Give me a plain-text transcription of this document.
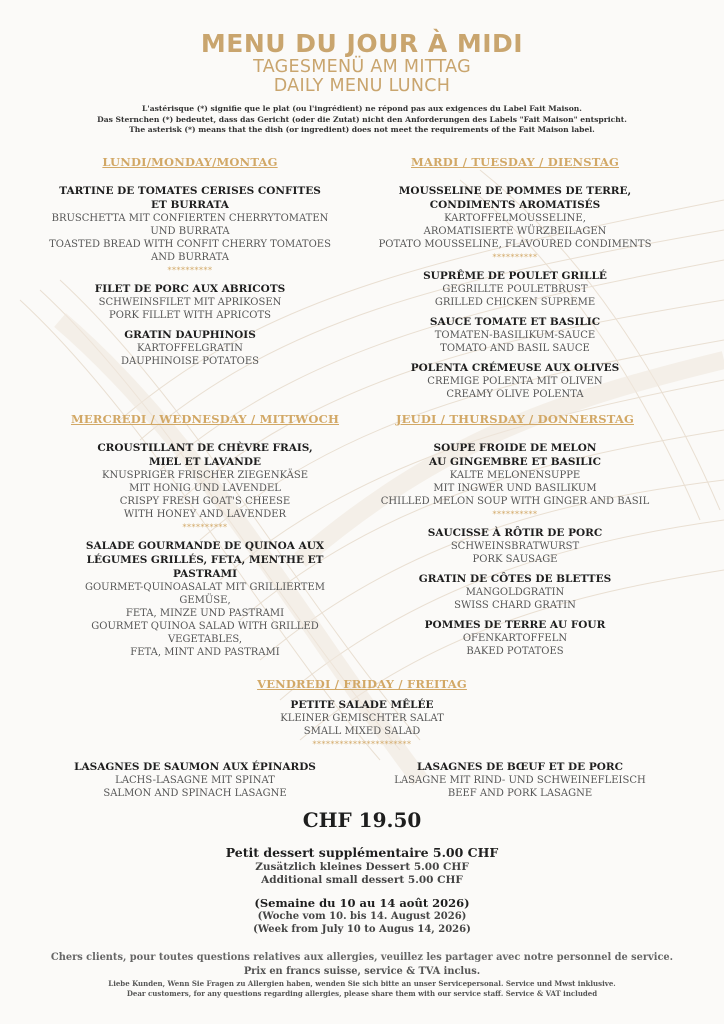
MENU DU JOUR À MIDI
TAGESMENÜ AM MITTAG
DAILY MENU LUNCH
L'astérisque (*) signifie que le plat (ou l'ingrédient) ne répond pas aux exigences du Label Fait Maison.
Das Sternchen (*) bedeutet, dass das Gericht (oder die Zutat) nicht den Anforderungen des Labels "Fait Maison" entspricht.
The asterisk (*) means that the dish (or ingredient) does not meet the requirements of the Fait Maison label.
LUNDI/MONDAY/MONTAG
TARTINE DE TOMATES CERISES CONFITES
ET BURRATA
BRUSCHETTA MIT CONFIERTEN CHERRYTOMATEN
UND BURRATA
TOASTED BREAD WITH CONFIT CHERRY TOMATOES
AND BURRATA
**********
FILET DE PORC AUX ABRICOTS
SCHWEINSFILET MIT APRIKOSEN
PORK FILLET WITH APRICOTS
GRATIN DAUPHINOIS
KARTOFFELGRATIN
DAUPHINOISE POTATOES
MARDI / TUESDAY / DIENSTAG
MOUSSELINE DE POMMES DE TERRE,
CONDIMENTS AROMATISÉS
KARTOFFELMOUSSELINE,
AROMATISIERTE WÜRZBEILAGEN
POTATO MOUSSELINE, FLAVOURED CONDIMENTS
**********
SUPRÊME DE POULET GRILLÉ
GEGRILLTE POULETBRUST
GRILLED CHICKEN SUPREME
SAUCE TOMATE ET BASILIC
TOMATEN-BASILIKUM-SAUCE
TOMATO AND BASIL SAUCE
POLENTA CRÉMEUSE AUX OLIVES
CREMIGE POLENTA MIT OLIVEN
CREAMY OLIVE POLENTA
MERCREDI / WEDNESDAY / MITTWOCH
CROUSTILLANT DE CHÈVRE FRAIS,
MIEL ET LAVANDE
KNUSPRIGER FRISCHER ZIEGENKÄSE
MIT HONIG UND LAVENDEL
CRISPY FRESH GOAT'S CHEESE
WITH HONEY AND LAVENDER
**********
SALADE GOURMANDE DE QUINOA AUX
LÉGUMES GRILLÉS, FETA, MENTHE ET
PASTRAMI
GOURMET-QUINOASALAT MIT GRILLIERTEM
GEMÜSE,
FETA, MINZE UND PASTRAMI
GOURMET QUINOA SALAD WITH GRILLED
VEGETABLES,
FETA, MINT AND PASTRAMI
JEUDI / THURSDAY / DONNERSTAG
SOUPE FROIDE DE MELON
AU GINGEMBRE ET BASILIC
KALTE MELONENSUPPE
MIT INGWER UND BASILIKUM
CHILLED MELON SOUP WITH GINGER AND BASIL
**********
SAUCISSE À RÔTIR DE PORC
SCHWEINSBRATWURST
PORK SAUSAGE
GRATIN DE CÔTES DE BLETTES
MANGOLDGRATIN
SWISS CHARD GRATIN
POMMES DE TERRE AU FOUR
OFENKARTOFFELN
BAKED POTATOES
VENDREDI / FRIDAY / FREITAG
PETITE SALADE MÊLÉE
KLEINER GEMISCHTER SALAT
SMALL MIXED SALAD
**********************
LASAGNES DE SAUMON AUX ÉPINARDS
LACHS-LASAGNE MIT SPINAT
SALMON AND SPINACH LASAGNE
LASAGNES DE BŒUF ET DE PORC
LASAGNE MIT RIND- UND SCHWEINEFLEISCH
BEEF AND PORK LASAGNE
CHF 19.50
Petit dessert supplémentaire 5.00 CHF
Zusätzlich kleines Dessert 5.00 CHF
Additional small dessert 5.00 CHF
(Semaine du 10 au 14 août 2026)
(Woche vom 10. bis 14. August 2026)
(Week from July 10 to Augus 14, 2026)
Chers clients, pour toutes questions relatives aux allergies, veuillez les partager avec notre personnel de service.
Prix en francs suisse, service & TVA inclus.
Liebe Kunden, Wenn Sie Fragen zu Allergien haben, wenden Sie sich bitte an unser Servicepersonal. Service und Mwst inklusive.
Dear customers, for any questions regarding allergies, please share them with our service staff. Service & VAT included
